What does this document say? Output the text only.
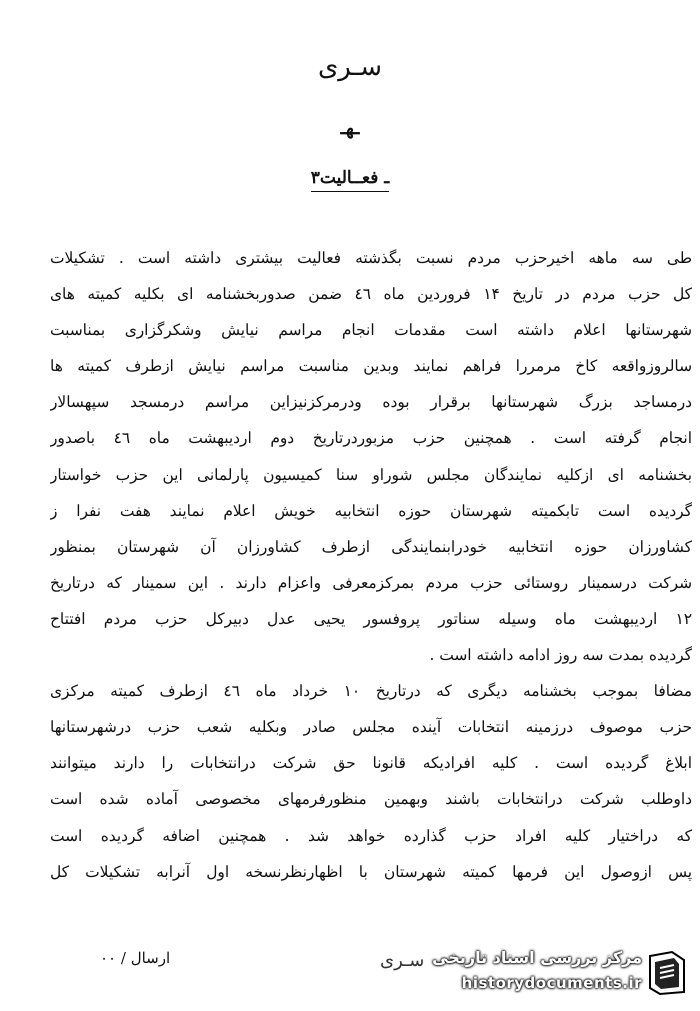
سـرى
ـهـ
۳ـ فعــالیت
طی سه ماهه اخیرحزب مردم نسبت بگذشته فعالیت بیشتری داشته است . تشکیلات
کل حزب مردم در تاریخ ۱۴ فروردین ماه ٤٦ ضمن صدوربخشنامه ای بکلیه کمیته های
شهرستانها اعلام داشته است مقدمات انجام مراسم نیایش وشکرگزاری بمناسبت
سالروزواقعه کاخ مرمررا فراهم نمایند وبدین مناسبت مراسم نیایش ازطرف کمیته ها
درمساجد بزرگ شهرستانها برقرار بوده ودرمرکزنیزاین مراسم درمسجد سپهسالار
انجام گرفته است . همچنین حزب مزبوردرتاریخ دوم اردیبهشت ماه ٤٦ باصدور
بخشنامه ای ازکلیه نمایندگان مجلس شوراو سنا کمیسیون پارلمانی این حزب خواستار
گردیده است تابکمیته شهرستان حوزه انتخابیه خویش اعلام نمایند هفت نفرا ز
کشاورزان حوزه انتخابیه خودرابنمایندگی ازطرف کشاورزان آن شهرستان بمنظور
شرکت درسمینار روستائی حزب مردم بمرکزمعرفی واعزام دارند . این سمینار که درتاریخ
۱۲ اردیبهشت ماه وسیله سناتور پروفسور یحیی عدل دبیرکل حزب مردم افتتاح
گردیده بمدت سه روز ادامه داشته است .
مضافا بموجب بخشنامه دیگری که درتاریخ ۱۰ خرداد ماه ٤٦ ازطرف کمیته مرکزی
حزب موصوف درزمینه انتخابات آینده مجلس صادر وبکلیه شعب حزب درشهرستانها
ابلاغ گردیده است . کلیه افرادیکه قانونا حق شرکت درانتخابات را دارند میتوانند
داوطلب شرکت درانتخابات باشند وبهمین منظورفرمهای مخصوصی آماده شده است
که دراختیار کلیه افراد حزب گذارده خواهد شد . همچنین اضافه گردیده است
پس ازوصول این فرمها کمیته شهرستان با اظهارنظرنسخه اول آنرابه تشکیلات کل
ارسال / ۰۰	سـرى مرکز بررسی اسناد تاریخی
historydocuments.ir
